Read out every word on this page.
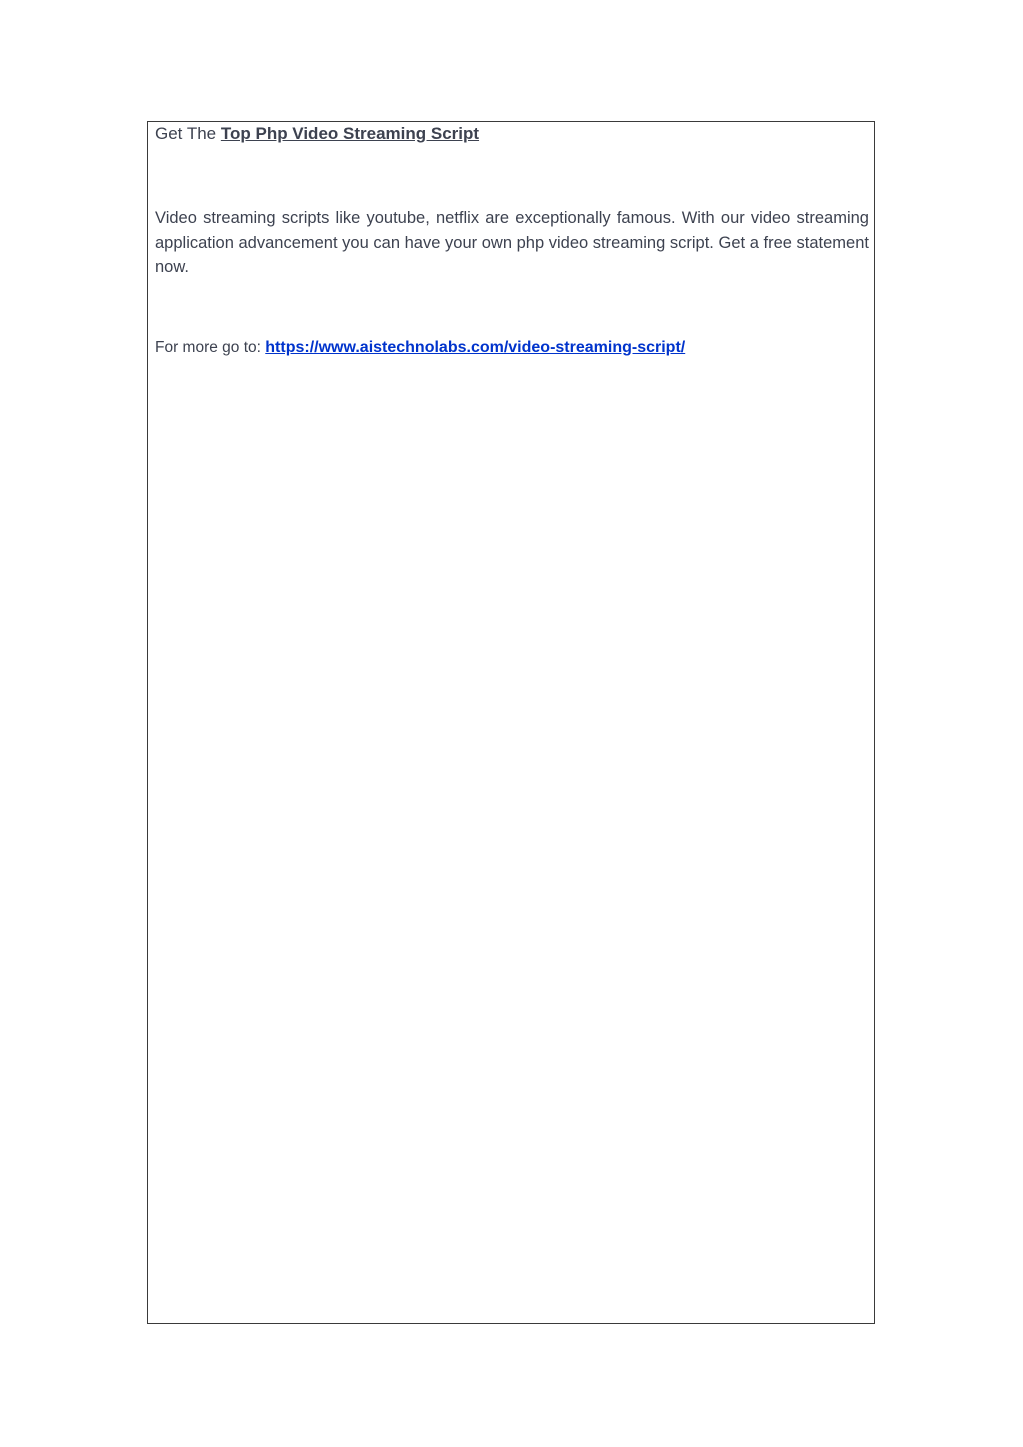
Get The Top Php Video Streaming Script

Video streaming scripts like youtube, netflix are exceptionally famous. With our video streaming application advancement you can have your own php video streaming script. Get a free statement now.

For more go to: https://www.aistechnolabs.com/video-streaming-script/
